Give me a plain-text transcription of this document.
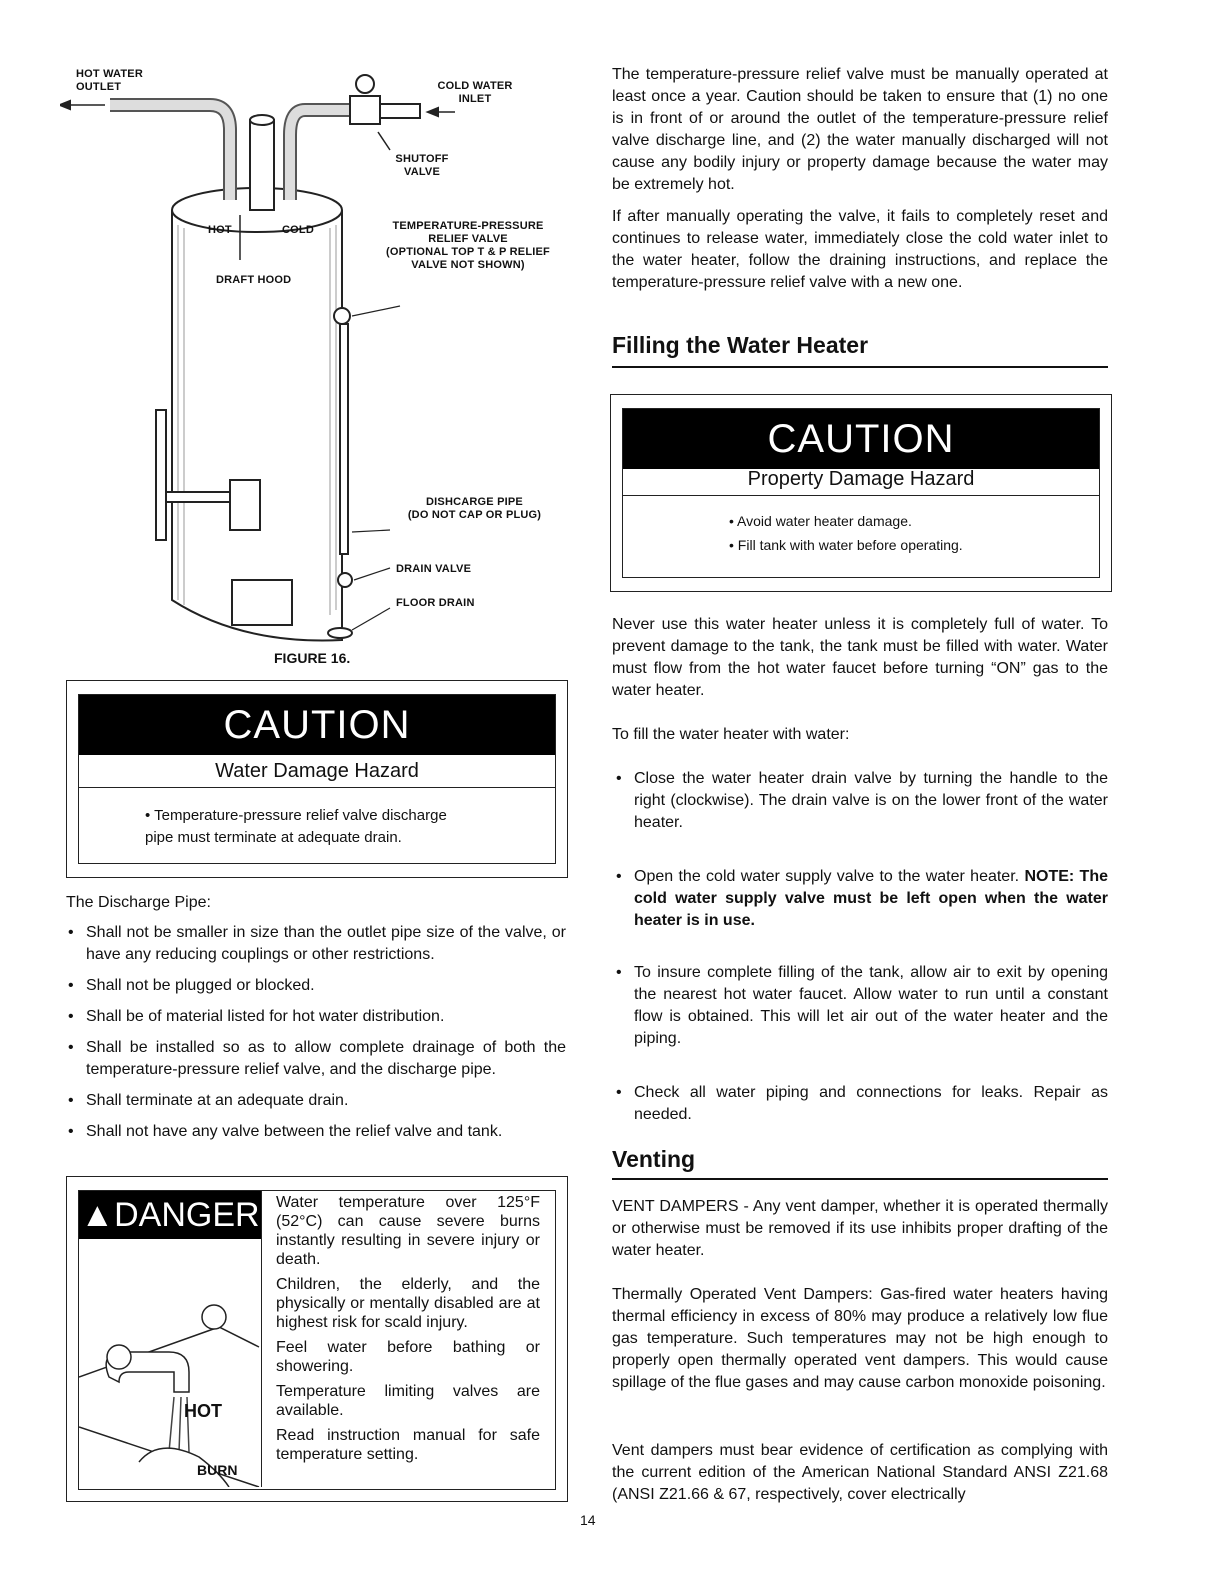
HOT WATER
OUTLET	COLD WATER
INLET
SHUTOFF
VALVE
TEMPERATURE-PRESSURE
RELIEF VALVE
(OPTIONAL TOP T & P RELIEF
VALVE NOT SHOWN)
HOT	COLD
DRAFT HOOD
DISHCARGE PIPE
(DO NOT CAP OR PLUG)
DRAIN VALVE
FLOOR DRAIN
FIGURE 16.
CAUTION
Water Damage Hazard
• Temperature-pressure relief valve discharge
pipe must terminate at adequate drain.
The Discharge Pipe:
• Shall not be smaller in size than the outlet pipe size of the valve, or have any reducing couplings or other restrictions.
• Shall not be plugged or blocked.
• Shall be of material listed for hot water distribution.
• Shall be installed so as to allow complete drainage of both the temperature-pressure relief valve, and the discharge pipe.
• Shall terminate at an adequate drain.
• Shall not have any valve between the relief valve and tank.
▲DANGER
HOT
BURN

Water temperature over 125°F (52°C) can cause severe burns instantly resulting in severe injury or death.

Children, the elderly, and the physically or mentally disabled are at highest risk for scald injury.

Feel water before bathing or showering.

Temperature limiting valves are available.

Read instruction manual for safe temperature setting.

The temperature-pressure relief valve must be manually operated at least once a year. Caution should be taken to ensure that (1) no one is in front of or around the outlet of the temperature-pressure relief valve discharge line, and (2) the water manually discharged will not cause any bodily injury or property damage because the water may be extremely hot.
If after manually operating the valve, it fails to completely reset and continues to release water, immediately close the cold water inlet to the water heater, follow the draining instructions, and replace the temperature-pressure relief valve with a new one.
Filling the Water Heater
CAUTION
Property Damage Hazard
• Avoid water heater damage.
• Fill tank with water before operating.
Never use this water heater unless it is completely full of water. To prevent damage to the tank, the tank must be filled with water. Water must flow from the hot water faucet before turning “ON” gas to the water heater.
To fill the water heater with water:
• Close the water heater drain valve by turning the handle to the right (clockwise). The drain valve is on the lower front of the water heater.
• Open the cold water supply valve to the water heater. NOTE: The cold water supply valve must be left open when the water heater is in use.
• To insure complete filling of the tank, allow air to exit by opening the nearest hot water faucet. Allow water to run until a constant flow is obtained. This will let air out of the water heater and the piping.
• Check all water piping and connections for leaks. Repair as needed.
Venting
VENT DAMPERS - Any vent damper, whether it is operated thermally or otherwise must be removed if its use inhibits proper drafting of the water heater.
Thermally Operated Vent Dampers: Gas-fired water heaters having thermal efficiency in excess of 80% may produce a relatively low flue gas temperature. Such temperatures may not be high enough to properly open thermally operated vent dampers. This would cause spillage of the flue gases and may cause carbon monoxide poisoning.
Vent dampers must bear evidence of certification as complying with the current edition of the American National Standard ANSI Z21.68 (ANSI Z21.66 & 67, respectively, cover electrically
14
